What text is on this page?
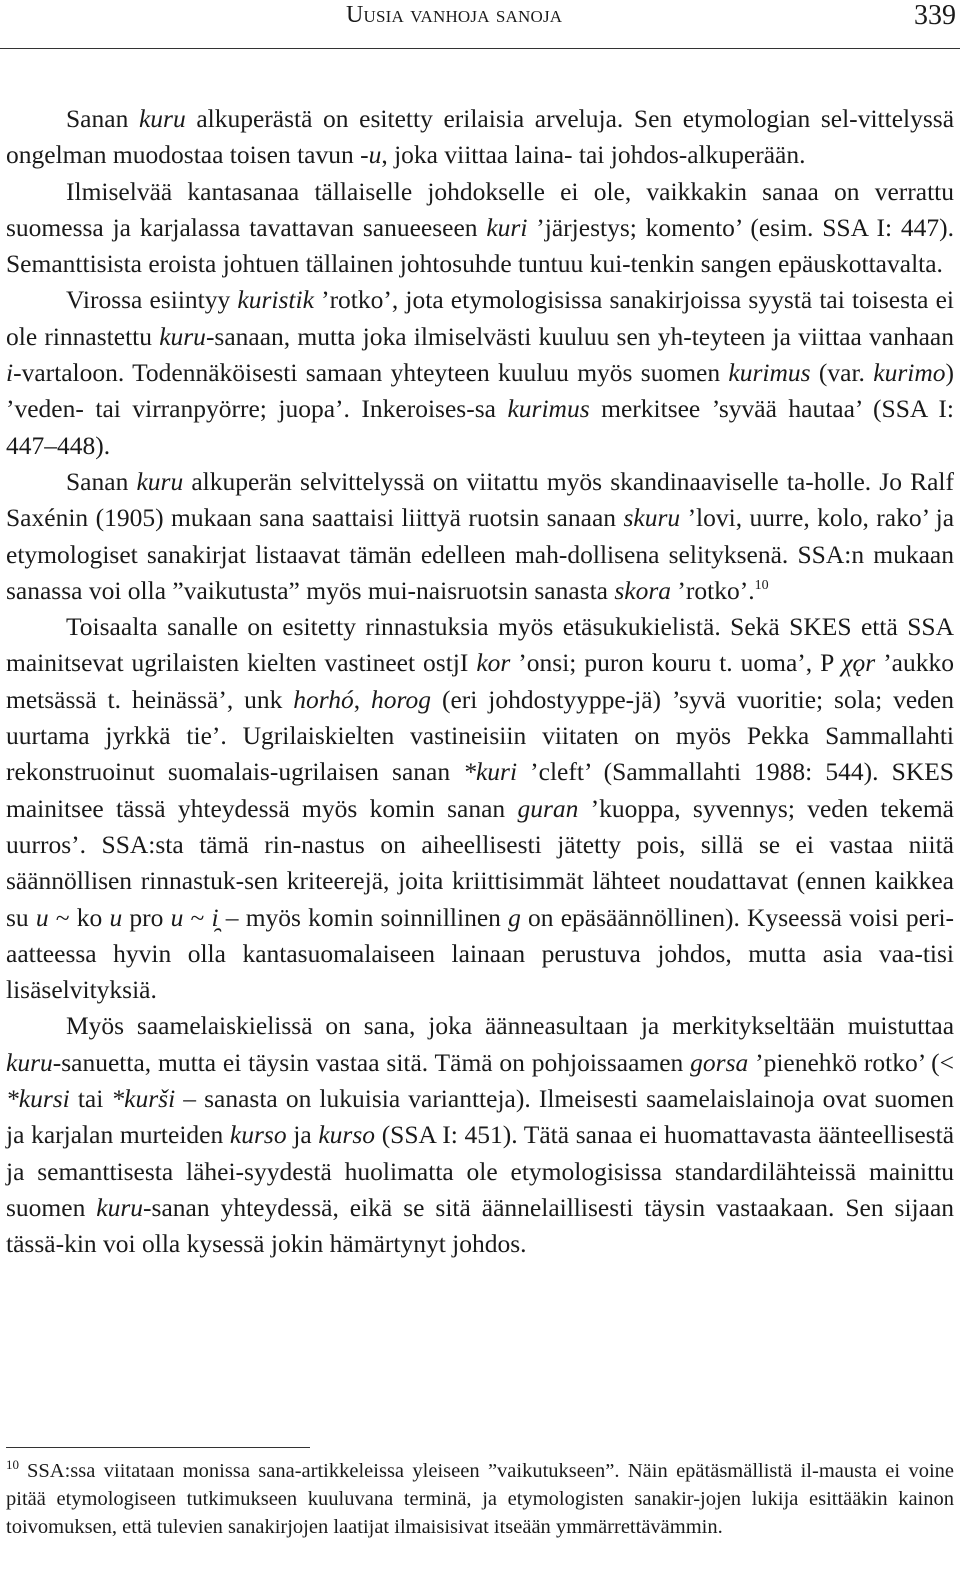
Uusia vanhoja sanoja	339

Sanan kuru alkuperästä on esitetty erilaisia arveluja. Sen etymologian sel-vittelyssä ongelman muodostaa toisen tavun -u, joka viittaa laina- tai johdos-alkuperään.

Ilmiselvää kantasanaa tällaiselle johdokselle ei ole, vaikkakin sanaa on verrattu suomessa ja karjalassa tavattavan sanueeseen kuri ’järjestys; komento’ (esim. SSA I: 447). Semanttisista eroista johtuen tällainen johtosuhde tuntuu kui-tenkin sangen epäuskottavalta.

Virossa esiintyy kuristik ’rotko’, jota etymologisissa sanakirjoissa syystä tai toisesta ei ole rinnastettu kuru-sanaan, mutta joka ilmiselvästi kuuluu sen yh-teyteen ja viittaa vanhaan i-vartaloon. Todennäköisesti samaan yhteyteen kuuluu myös suomen kurimus (var. kurimo) ’veden- tai virranpyörre; juopa’. Inkeroises-sa kurimus merkitsee ’syvää hautaa’ (SSA I: 447–448).

Sanan kuru alkuperän selvittelyssä on viitattu myös skandinaaviselle ta-holle. Jo Ralf Saxénin (1905) mukaan sana saattaisi liittyä ruotsin sanaan skuru ’lovi, uurre, kolo, rako’ ja etymologiset sanakirjat listaavat tämän edelleen mah-dollisena selityksenä. SSA:n mukaan sanassa voi olla ”vaikutusta” myös mui-naisruotsin sanasta skora ’rotko’.$^{10}$

Toisaalta sanalle on esitetty rinnastuksia myös etäsukukielistä. Sekä SKES että SSA mainitsevat ugrilaisten kielten vastineet ostjI kor ’onsi; puron kouru t. uoma’, P χǫr ’aukko metsässä t. heinässä’, unk horhó, horog (eri johdostyyppe-jä) ’syvä vuoritie; sola; veden uurtama jyrkkä tie’. Ugrilaiskielten vastineisiin viitaten on myös Pekka Sammallahti rekonstruoinut suomalais-ugrilaisen sanan *kuri ’cleft’ (Sammallahti 1988: 544). SKES mainitsee tässä yhteydessä myös komin sanan guran ’kuoppa, syvennys; veden tekemä uurros’. SSA:sta tämä rin-nastus on aiheellisesti jätetty pois, sillä se ei vastaa niitä säännöllisen rinnastuk-sen kriteerejä, joita kriittisimmät lähteet noudattavat (ennen kaikkea su u ~ ko u pro u ~ i̯ – myös komin soinnillinen g on epäsäännöllinen). Kyseessä voisi peri-aatteessa hyvin olla kantasuomalaiseen lainaan perustuva johdos, mutta asia vaa-tisi lisäselvityksiä.

Myös saamelaiskielissä on sana, joka äänneasultaan ja merkitykseltään muistuttaa kuru-sanuetta, mutta ei täysin vastaa sitä. Tämä on pohjoissaamen gorsa ’pienehkö rotko’ (< *kursi tai *kurši – sanasta on lukuisia variantteja). Ilmeisesti saamelaislainoja ovat suomen ja karjalan murteiden kurso ja kurso (SSA I: 451). Tätä sanaa ei huomattavasta äänteellisestä ja semanttisesta lähei-syydestä huolimatta ole etymologisissa standardilähteissä mainittu suomen kuru-sanan yhteydessä, eikä se sitä äännelaillisesti täysin vastaakaan. Sen sijaan tässä-kin voi olla kysessä jokin hämärtynyt johdos.

$^{10}$ SSA:ssa viitataan monissa sana-artikkeleissa yleiseen ”vaikutukseen”. Näin epätäsmällistä il-mausta ei voine pitää etymologiseen tutkimukseen kuuluvana terminä, ja etymologisten sanakir-jojen lukija esittääkin kainon toivomuksen, että tulevien sanakirjojen laatijat ilmaisisivat itseään ymmärrettävämmin.
